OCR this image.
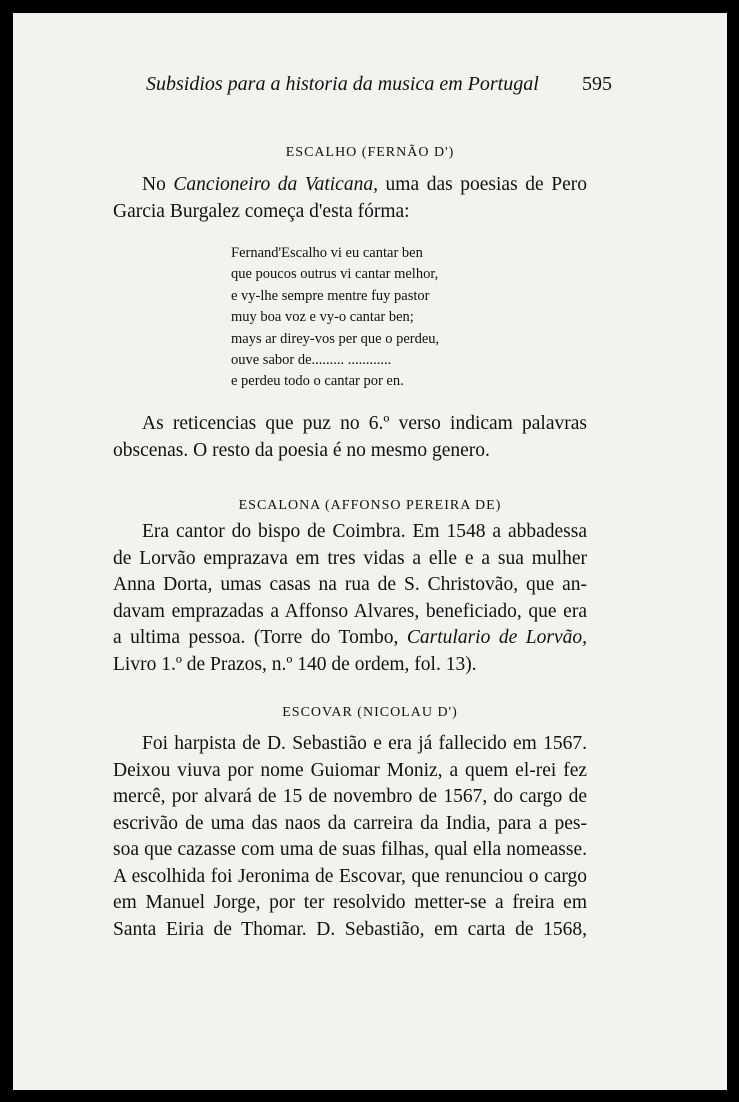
Subsidios para a historia da musica em Portugal 595
ESCALHO (FERNÃO D')
No Cancioneiro da Vaticana, uma das poesias de Pero
Garcia Burgalez começa d'esta fórma:
Fernand'Escalho vi eu cantar ben
que poucos outrus vi cantar melhor,
e vy-lhe sempre mentre fuy pastor
muy boa voz e vy-o cantar ben;
mays ar direy-vos per que o perdeu,
ouve sabor de......... ............
e perdeu todo o cantar por en.
As reticencias que puz no 6.º verso indicam palavras
obscenas. O resto da poesia é no mesmo genero.
ESCALONA (AFFONSO PEREIRA DE)
Era cantor do bispo de Coimbra. Em 1548 a abbadessa
de Lorvão emprazava em tres vidas a elle e a sua mulher
Anna Dorta, umas casas na rua de S. Christovão, que an-
davam emprazadas a Affonso Alvares, beneficiado, que era
a ultima pessoa. (Torre do Tombo, Cartulario de Lorvão,
Livro 1.º de Prazos, n.º 140 de ordem, fol. 13).
ESCOVAR (NICOLAU D')
Foi harpista de D. Sebastião e era já fallecido em 1567.
Deixou viuva por nome Guiomar Moniz, a quem el-rei fez
mercê, por alvará de 15 de novembro de 1567, do cargo de
escrivão de uma das naos da carreira da India, para a pes-
soa que cazasse com uma de suas filhas, qual ella nomeasse.
A escolhida foi Jeronima de Escovar, que renunciou o cargo
em Manuel Jorge, por ter resolvido metter-se a freira em
Santa Eiria de Thomar. D. Sebastião, em carta de 1568,
